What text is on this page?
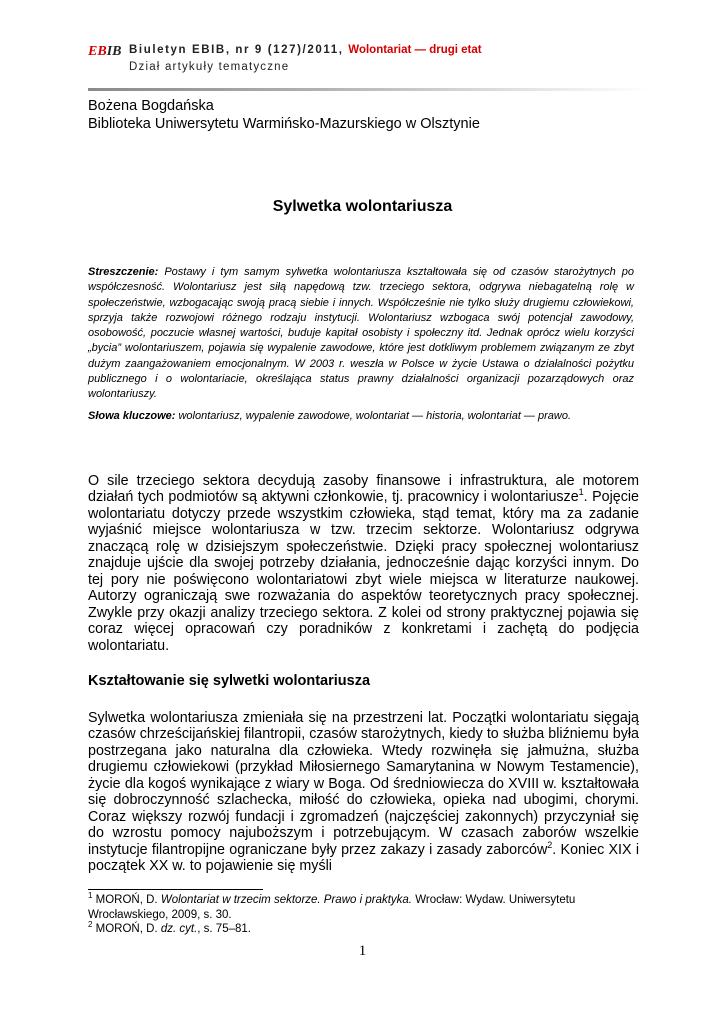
EBIB Biuletyn EBIB, nr 9 (127)/2011, Wolontariat — drugi etat
Dział artykuły tematyczne
Bożena Bogdańska
Biblioteka Uniwersytetu Warmińsko-Mazurskiego w Olsztynie
Sylwetka wolontariusza
Streszczenie: Postawy i tym samym sylwetka wolontariusza kształtowała się od czasów starożytnych po współczesność. Wolontariusz jest siłą napędową tzw. trzeciego sektora, odgrywa niebagatelną rolę w społeczeństwie, wzbogacając swoją pracą siebie i innych. Współcześnie nie tylko służy drugiemu człowiekowi, sprzyja także rozwojowi różnego rodzaju instytucji. Wolontariusz wzbogaca swój potencjał zawodowy, osobowość, poczucie własnej wartości, buduje kapitał osobisty i społeczny itd. Jednak oprócz wielu korzyści „bycia” wolontariuszem, pojawia się wypalenie zawodowe, które jest dotkliwym problemem związanym ze zbyt dużym zaangażowaniem emocjonalnym. W 2003 r. weszła w Polsce w życie Ustawa o działalności pożytku publicznego i o wolontariacie, określająca status prawny działalności organizacji pozarządowych oraz wolontariuszy.
Słowa kluczowe: wolontariusz, wypalenie zawodowe, wolontariat — historia, wolontariat — prawo.
O sile trzeciego sektora decydują zasoby finansowe i infrastruktura, ale motorem działań tych podmiotów są aktywni członkowie, tj. pracownicy i wolontariusze$^1$. Pojęcie wolontariatu dotyczy przede wszystkim człowieka, stąd temat, który ma za zadanie wyjaśnić miejsce wolontariusza w tzw. trzecim sektorze. Wolontariusz odgrywa znaczącą rolę w dzisiejszym społeczeństwie. Dzięki pracy społecznej wolontariusz znajduje ujście dla swojej potrzeby działania, jednocześnie dając korzyści innym. Do tej pory nie poświęcono wolontariatowi zbyt wiele miejsca w literaturze naukowej. Autorzy ograniczają swe rozważania do aspektów teoretycznych pracy społecznej. Zwykle przy okazji analizy trzeciego sektora. Z kolei od strony praktycznej pojawia się coraz więcej opracowań czy poradników z konkretami i zachętą do podjęcia wolontariatu.
Kształtowanie się sylwetki wolontariusza
Sylwetka wolontariusza zmieniała się na przestrzeni lat. Początki wolontariatu sięgają czasów chrześcijańskiej filantropii, czasów starożytnych, kiedy to służba bliźniemu była postrzegana jako naturalna dla człowieka. Wtedy rozwinęła się jałmużna, służba drugiemu człowiekowi (przykład Miłosiernego Samarytanina w Nowym Testamencie), życie dla kogoś wynikające z wiary w Boga. Od średniowiecza do XVIII w. kształtowała się dobroczynność szlachecka, miłość do człowieka, opieka nad ubogimi, chorymi. Coraz większy rozwój fundacji i zgromadzeń (najczęściej zakonnych) przyczyniał się do wzrostu pomocy najuboższym i potrzebującym. W czasach zaborów wszelkie instytucje filantropijne ograniczane były przez zakazy i zasady zaborców$^2$. Koniec XIX i początek XX w. to pojawienie się myśli
$^1$ MOROŃ, D. Wolontariat w trzecim sektorze. Prawo i praktyka. Wrocław: Wydaw. Uniwersytetu Wrocławskiego, 2009, s. 30.
$^2$ MOROŃ, D. dz. cyt., s. 75–81.
1
